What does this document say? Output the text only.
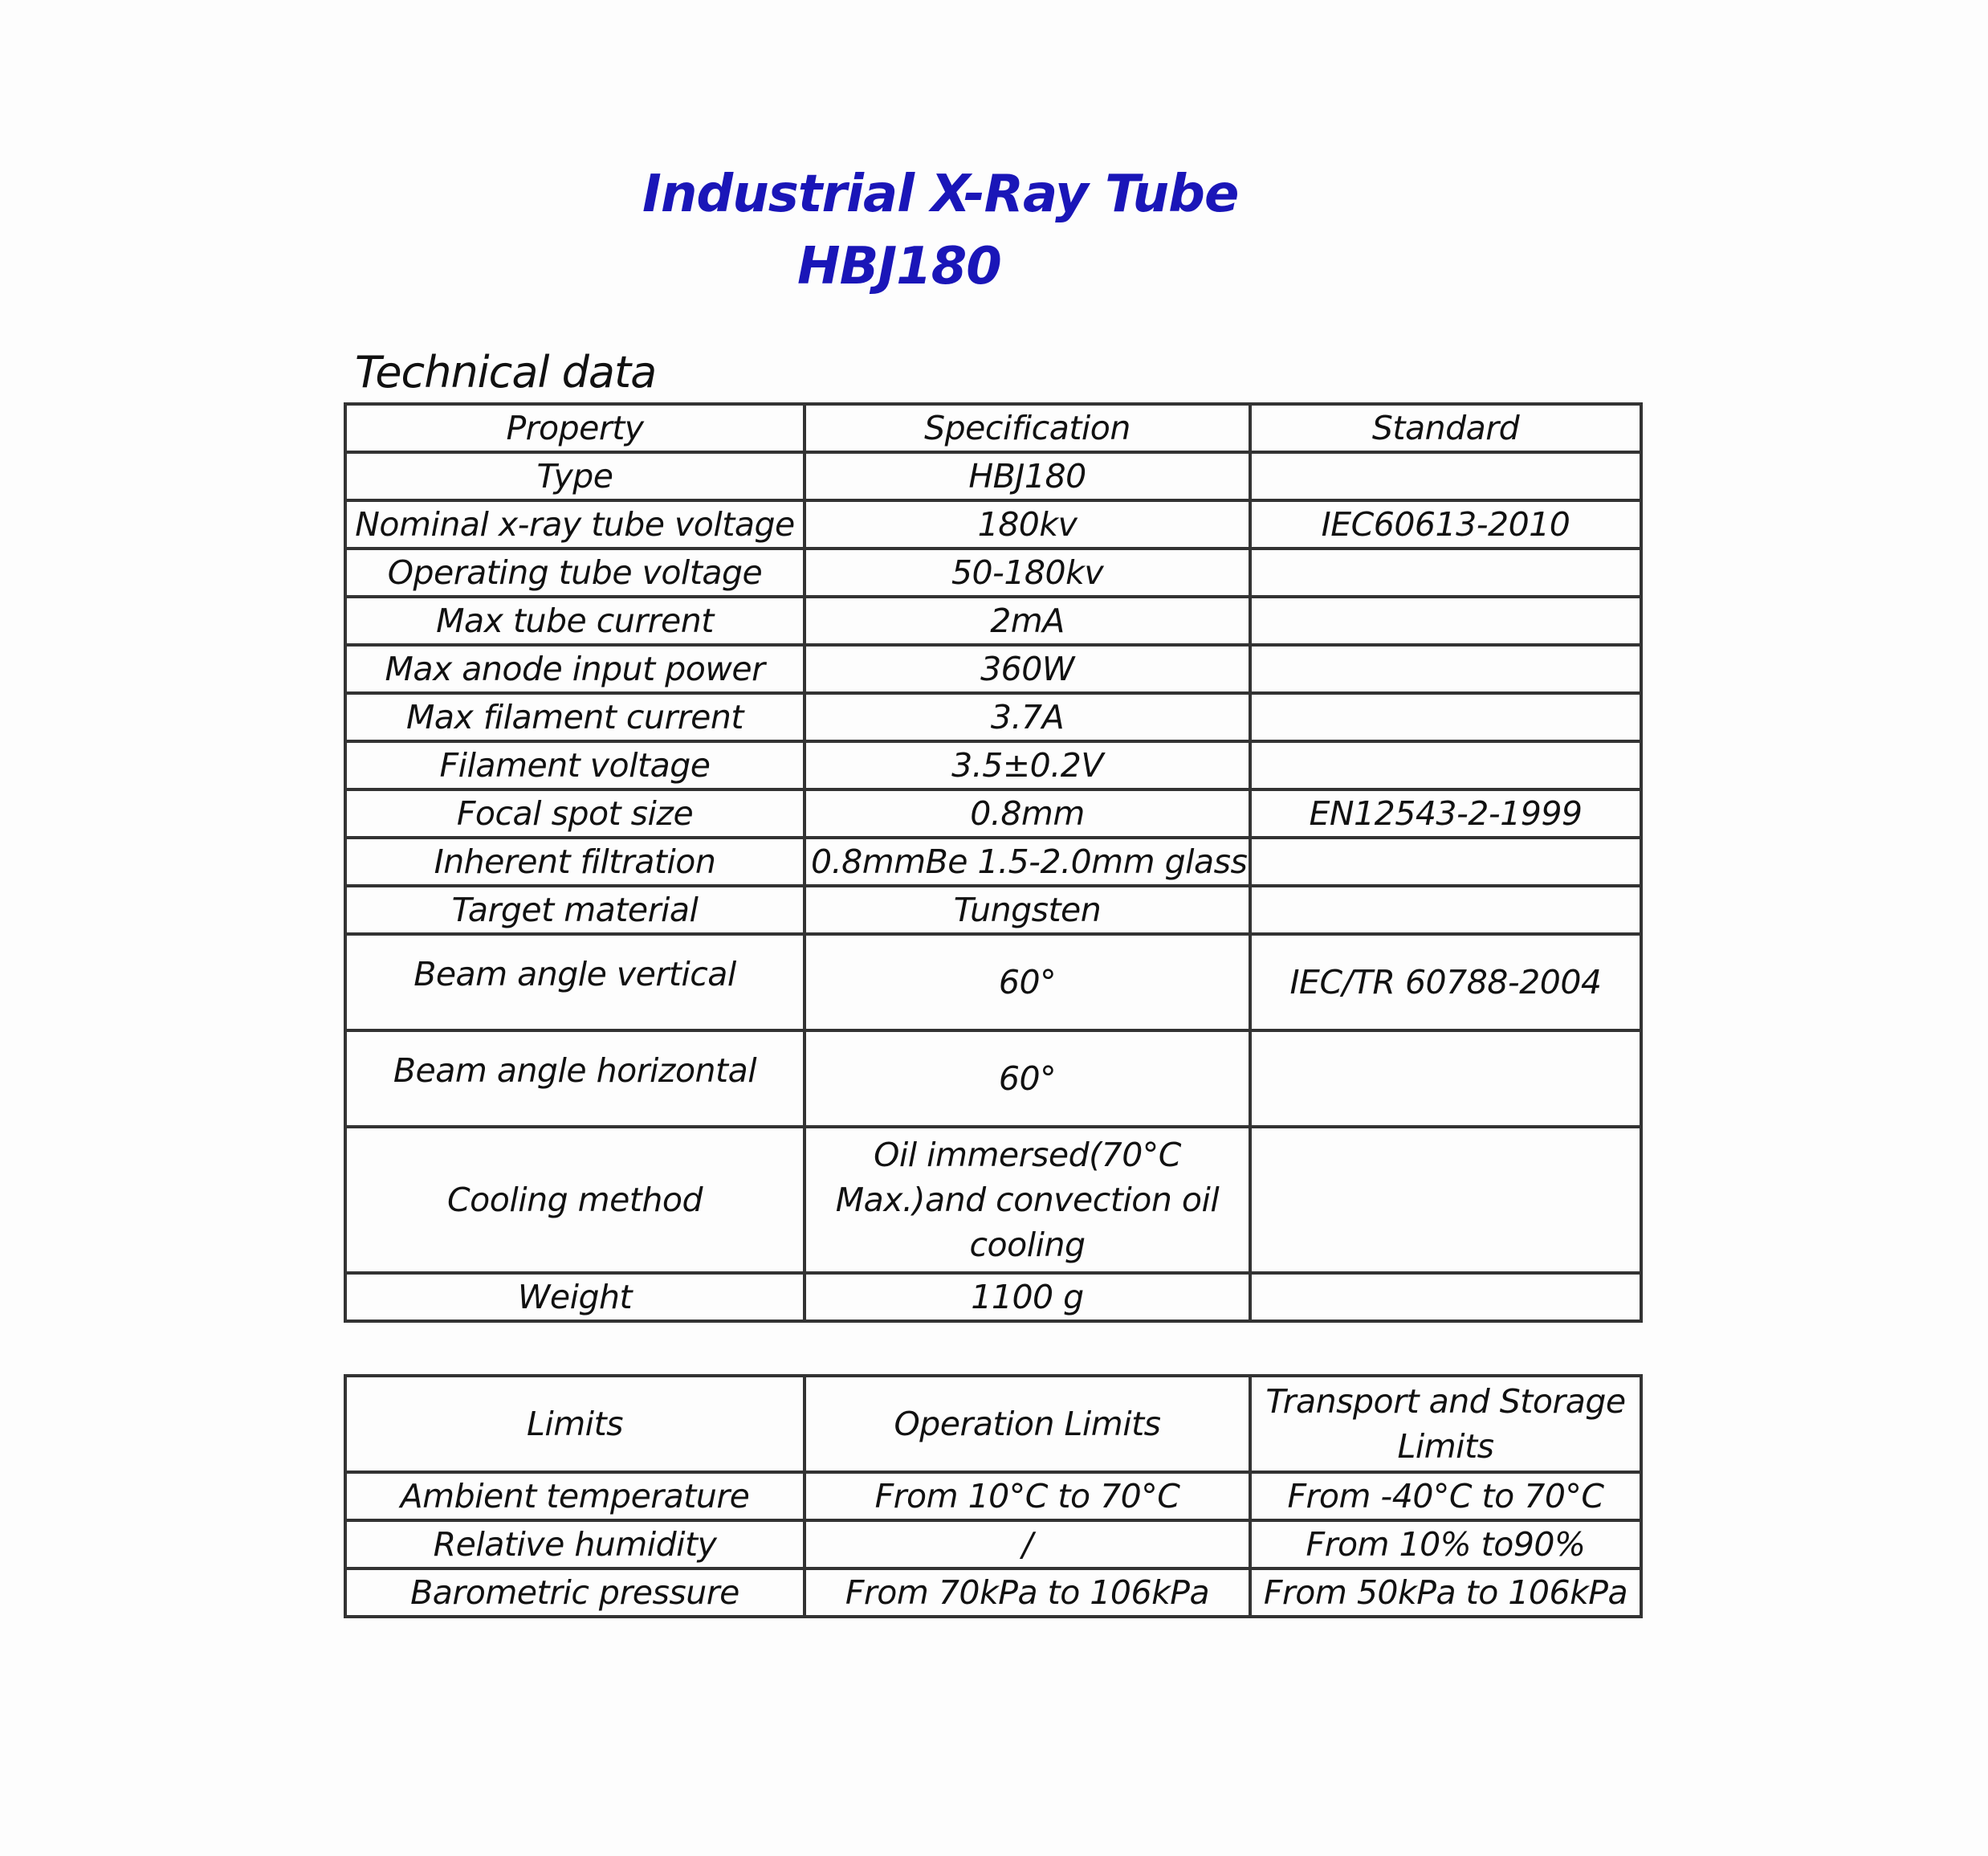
Industrial X-Ray Tube
HBJ180
Technical data
Property	Specification	Standard
Type	HBJ180	
Nominal x-ray tube voltage	180kv	IEC60613-2010
Operating tube voltage	50-180kv	
Max tube current	2mA	
Max anode input power	360W	
Max filament current	3.7A	
Filament voltage	3.5±0.2V	
Focal spot size	0.8mm	EN12543-2-1999
Inherent filtration	0.8mmBe 1.5-2.0mm glass	
Target material	Tungsten	
Beam angle vertical	60°	IEC/TR 60788-2004
Beam angle horizontal	60°	
Cooling method	Oil immersed(70°C Max.)and convection oil cooling	
Weight	1100 g	
Limits	Operation Limits	Transport and Storage Limits
Ambient temperature	From 10°C to 70°C	From -40°C to 70°C
Relative humidity	/	From 10% to90%
Barometric pressure	From 70kPa to 106kPa	From 50kPa to 106kPa
